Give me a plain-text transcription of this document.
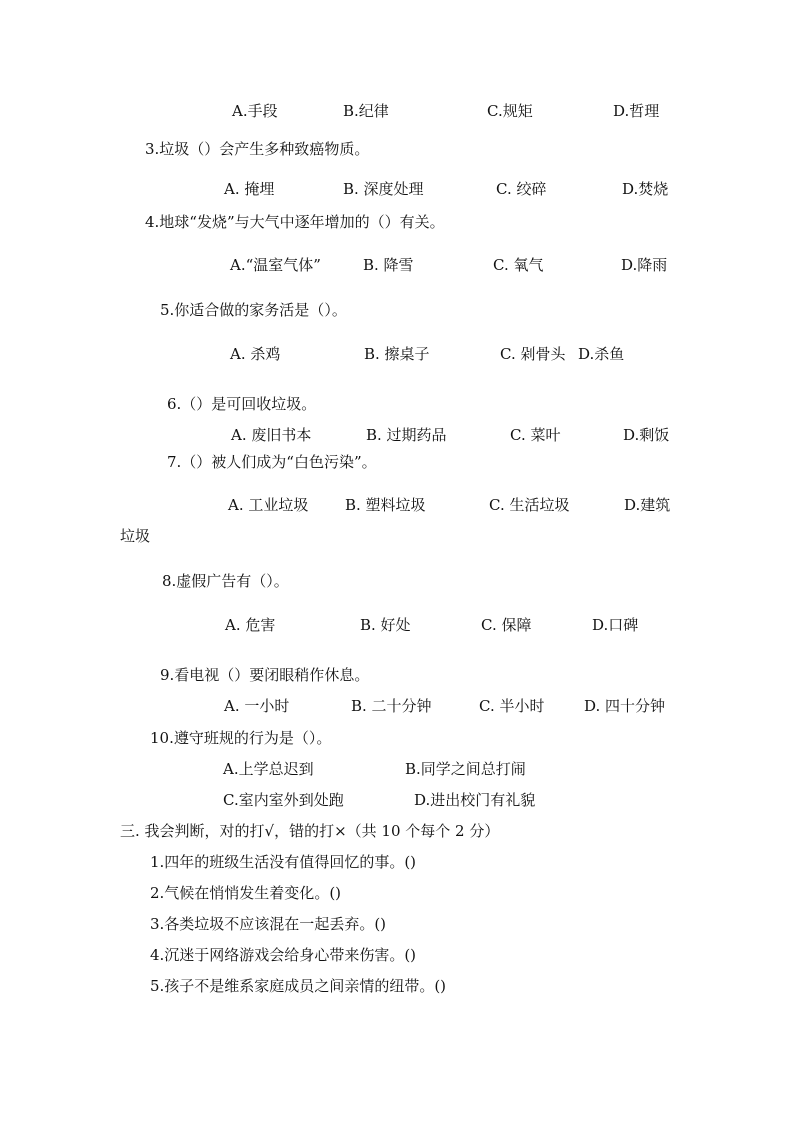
A.手段	B.纪律	C.规矩	D.哲理
3.垃圾（）会产生多种致癌物质。
A. 掩埋	B. 深度处理	C. 绞碎	D.焚烧
4.地球“发烧”与大气中逐年增加的（）有关。
A.“温室气体”	B. 降雪	C. 氧气	D.降雨
5.你适合做的家务活是（）。
A. 杀鸡	B. 擦桌子	C. 剁骨头 D.杀鱼
6.（）是可回收垃圾。
A. 废旧书本	B. 过期药品	C. 菜叶	D.剩饭
7.（）被人们成为“白色污染”。
A. 工业垃圾 B. 塑料垃圾	C. 生活垃圾	D.建筑
垃圾
8.虚假广告有（）。
A. 危害	B. 好处	C. 保障	D.口碑
9.看电视（）要闭眼稍作休息。
A. 一小时	B. 二十分钟	C. 半小时	D. 四十分钟
10.遵守班规的行为是（）。
A.上学总迟到	B.同学之间总打闹
C.室内室外到处跑	D.进出校门有礼貌
三. 我会判断，对的打√，错的打×（共 10 个每个 2 分）
1.四年的班级生活没有值得回忆的事。()
2.气候在悄悄发生着变化。()
3.各类垃圾不应该混在一起丢弃。()
4.沉迷于网络游戏会给身心带来伤害。()
5.孩子不是维系家庭成员之间亲情的纽带。()
